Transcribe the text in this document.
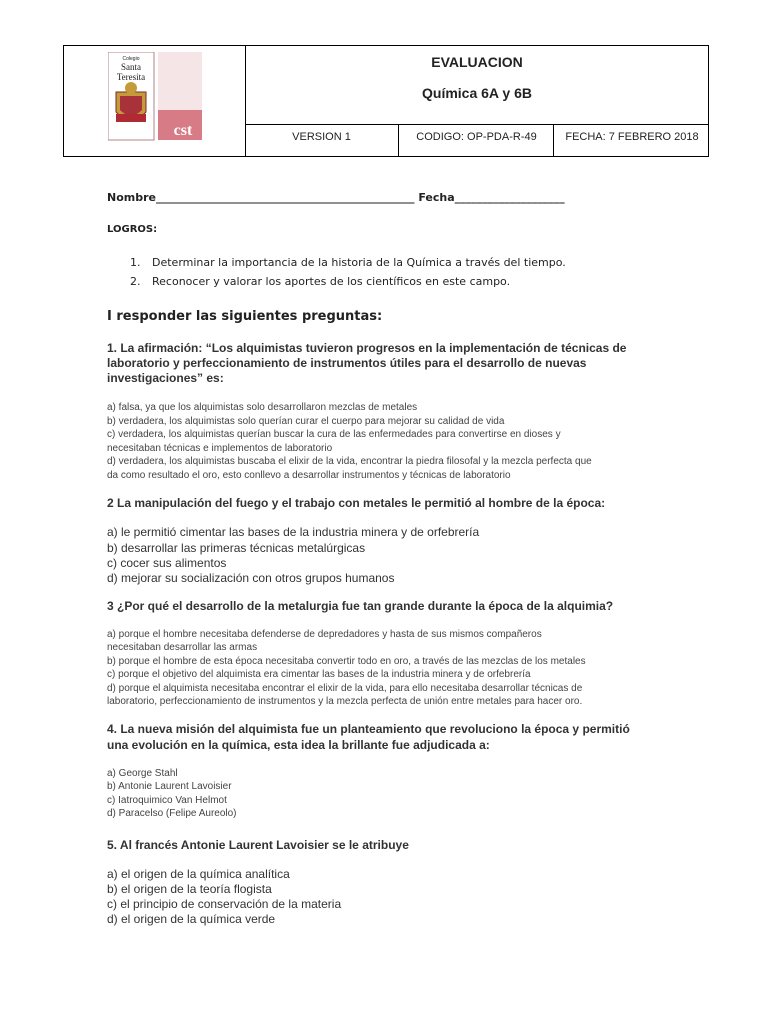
cst
Colegio
Santa
Teresita
EVALUACION
Química 6A y 6B
VERSION 1	CODIGO: OP-PDA-R-49	FECHA: 7 FEBRERO 2018
Nombre_______________________________________________ Fecha____________________
LOGROS:
1. Determinar la importancia de la historia de la Química a través del tiempo.
2. Reconocer y valorar los aportes de los científicos en este campo.
I responder las siguientes preguntas:
1. La afirmación: “Los alquimistas tuvieron progresos en la implementación de técnicas de
laboratorio y perfeccionamiento de instrumentos útiles para el desarrollo de nuevas
investigaciones” es:
a) falsa, ya que los alquimistas solo desarrollaron mezclas de metales
b) verdadera, los alquimistas solo querían curar el cuerpo para mejorar su calidad de vida
c) verdadera, los alquimistas querían buscar la cura de las enfermedades para convertirse en dioses y
necesitaban técnicas e implementos de laboratorio
d) verdadera, los alquimistas buscaba el elixir de la vida, encontrar la piedra filosofal y la mezcla perfecta que
da como resultado el oro, esto conllevo a desarrollar instrumentos y técnicas de laboratorio
2 La manipulación del fuego y el trabajo con metales le permitió al hombre de la época:
a) le permitió cimentar las bases de la industria minera y de orfebrería
b) desarrollar las primeras técnicas metalúrgicas
c) cocer sus alimentos
d) mejorar su socialización con otros grupos humanos
3 ¿Por qué el desarrollo de la metalurgia fue tan grande durante la época de la alquimia?
a) porque el hombre necesitaba defenderse de depredadores y hasta de sus mismos compañeros
necesitaban desarrollar las armas
b) porque el hombre de esta época necesitaba convertir todo en oro, a través de las mezclas de los metales
c) porque el objetivo del alquimista era cimentar las bases de la industria minera y de orfebrería
d) porque el alquimista necesitaba encontrar el elixir de la vida, para ello necesitaba desarrollar técnicas de
laboratorio, perfeccionamiento de instrumentos y la mezcla perfecta de unión entre metales para hacer oro.
4. La nueva misión del alquimista fue un planteamiento que revoluciono la época y permitió
una evolución en la química, esta idea la brillante fue adjudicada a:
a) George Stahl
b) Antonie Laurent Lavoisier
c) Iatroquimico Van Helmot
d) Paracelso (Felipe Aureolo)
5. Al francés Antonie Laurent Lavoisier se le atribuye
a) el origen de la química analítica
b) el origen de la teoría flogista
c) el principio de conservación de la materia
d) el origen de la química verde
